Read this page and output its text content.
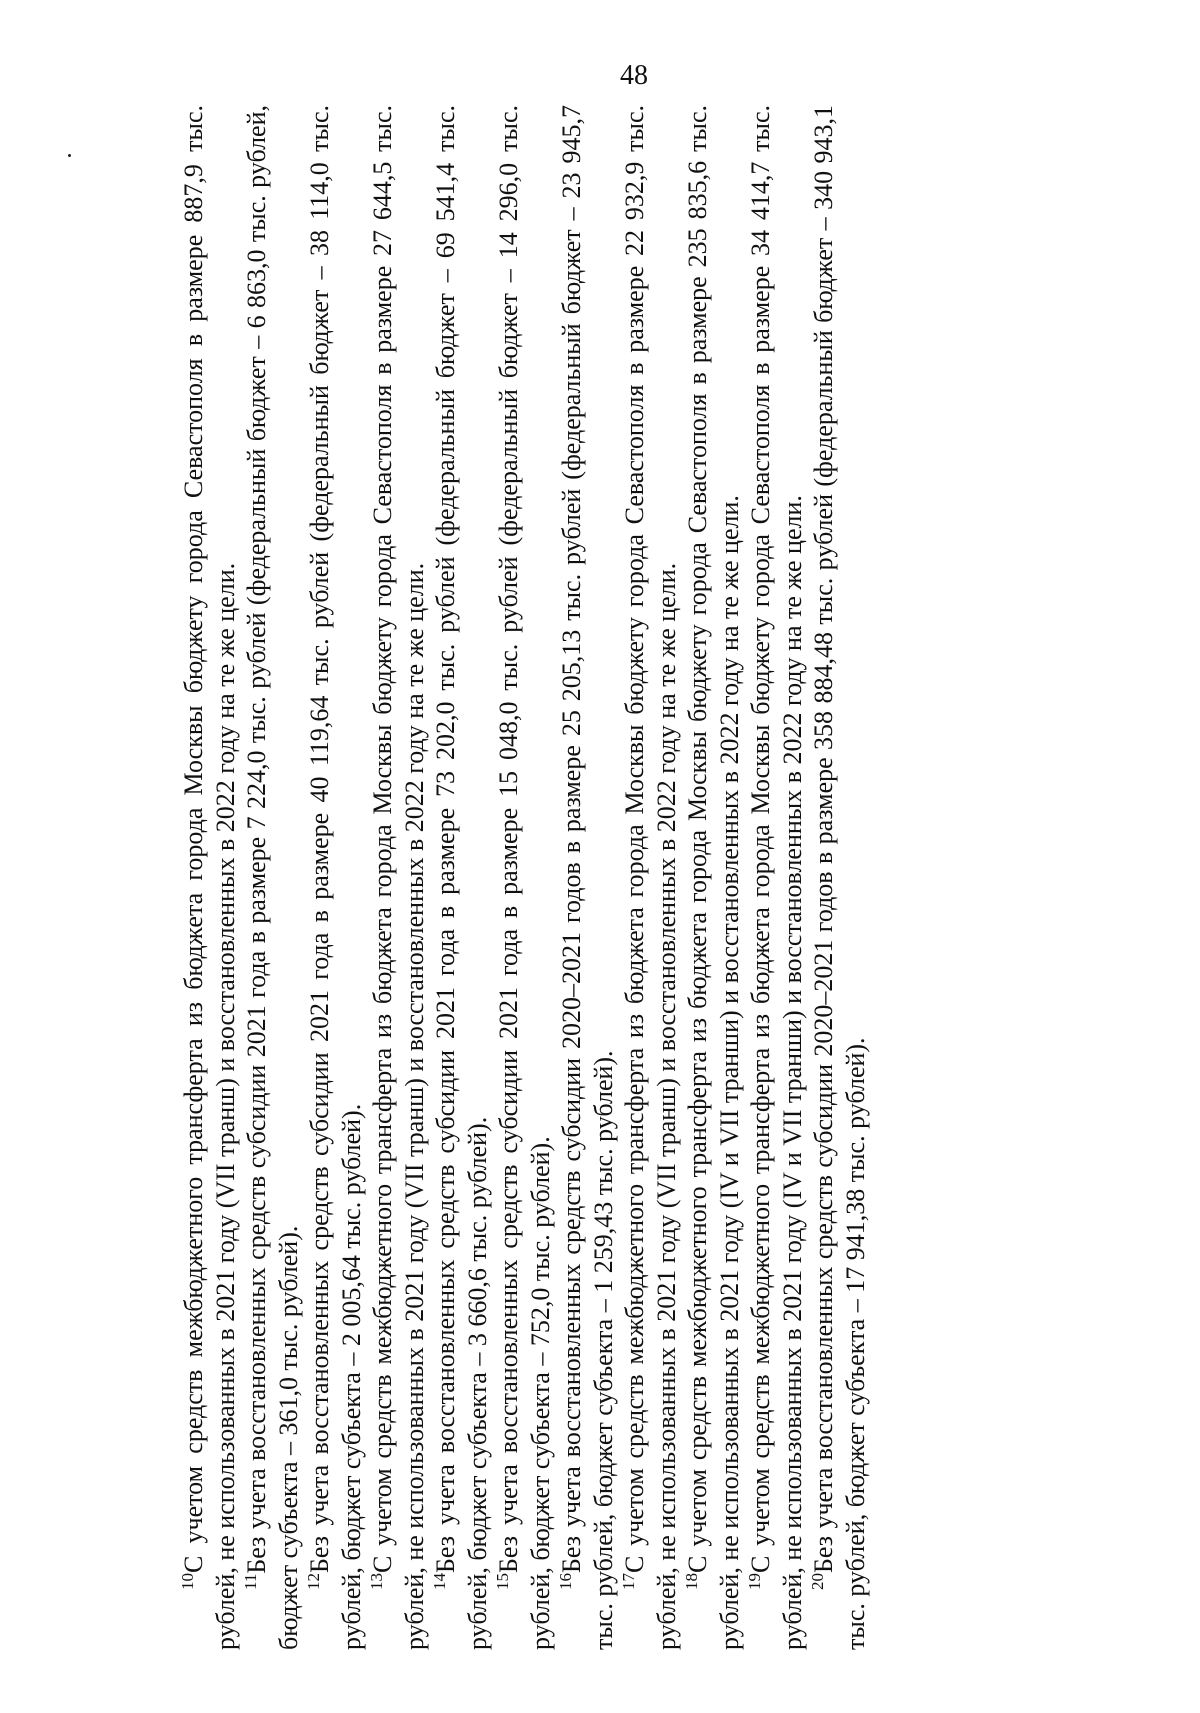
48

$^{10}$С учетом средств межбюджетного трансферта из бюджета города Москвы бюджету города Севастополя в размере 887,9 тыс. рублей, не использованных в 2021 году (VII транш) и восстановленных в 2022 году на те же цели. $^{11}$Без учета восстановленных средств субсидии 2021 года в размере 7 224,0 тыс. рублей (федеральный бюджет – 6 863,0 тыс. рублей, бюджет субъекта – 361,0 тыс. рублей). $^{12}$Без учета восстановленных средств субсидии 2021 года в размере 40 119,64 тыс. рублей (федеральный бюджет – 38 114,0 тыс. рублей, бюджет субъекта – 2 005,64 тыс. рублей). $^{13}$С учетом средств межбюджетного трансферта из бюджета города Москвы бюджету города Севастополя в размере 27 644,5 тыс. рублей, не использованных в 2021 году (VII транш) и восстановленных в 2022 году на те же цели. $^{14}$Без учета восстановленных средств субсидии 2021 года в размере 73 202,0 тыс. рублей (федеральный бюджет – 69 541,4 тыс. рублей, бюджет субъекта – 3 660,6 тыс. рублей). $^{15}$Без учета восстановленных средств субсидии 2021 года в размере 15 048,0 тыс. рублей (федеральный бюджет – 14 296,0 тыс. рублей, бюджет субъекта – 752,0 тыс. рублей). $^{16}$Без учета восстановленных средств субсидии 2020–2021 годов в размере 25 205,13 тыс. рублей (федеральный бюджет – 23 945,7 тыс. рублей, бюджет субъекта – 1 259,43 тыс. рублей). $^{17}$С учетом средств межбюджетного трансферта из бюджета города Москвы бюджету города Севастополя в размере 22 932,9 тыс. рублей, не использованных в 2021 году (VII транш) и восстановленных в 2022 году на те же цели. $^{18}$С учетом средств межбюджетного трансферта из бюджета города Москвы бюджету города Севастополя в размере 235 835,6 тыс. рублей, не использованных в 2021 году (IV и VII транши) и восстановленных в 2022 году на те же цели. $^{19}$С учетом средств межбюджетного трансферта из бюджета города Москвы бюджету города Севастополя в размере 34 414,7 тыс. рублей, не использованных в 2021 году (IV и VII транши) и восстановленных в 2022 году на те же цели. $^{20}$Без учета восстановленных средств субсидии 2020–2021 годов в размере 358 884,48 тыс. рублей (федеральный бюджет – 340 943,1 тыс. рублей, бюджет субъекта – 17 941,38 тыс. рублей).
